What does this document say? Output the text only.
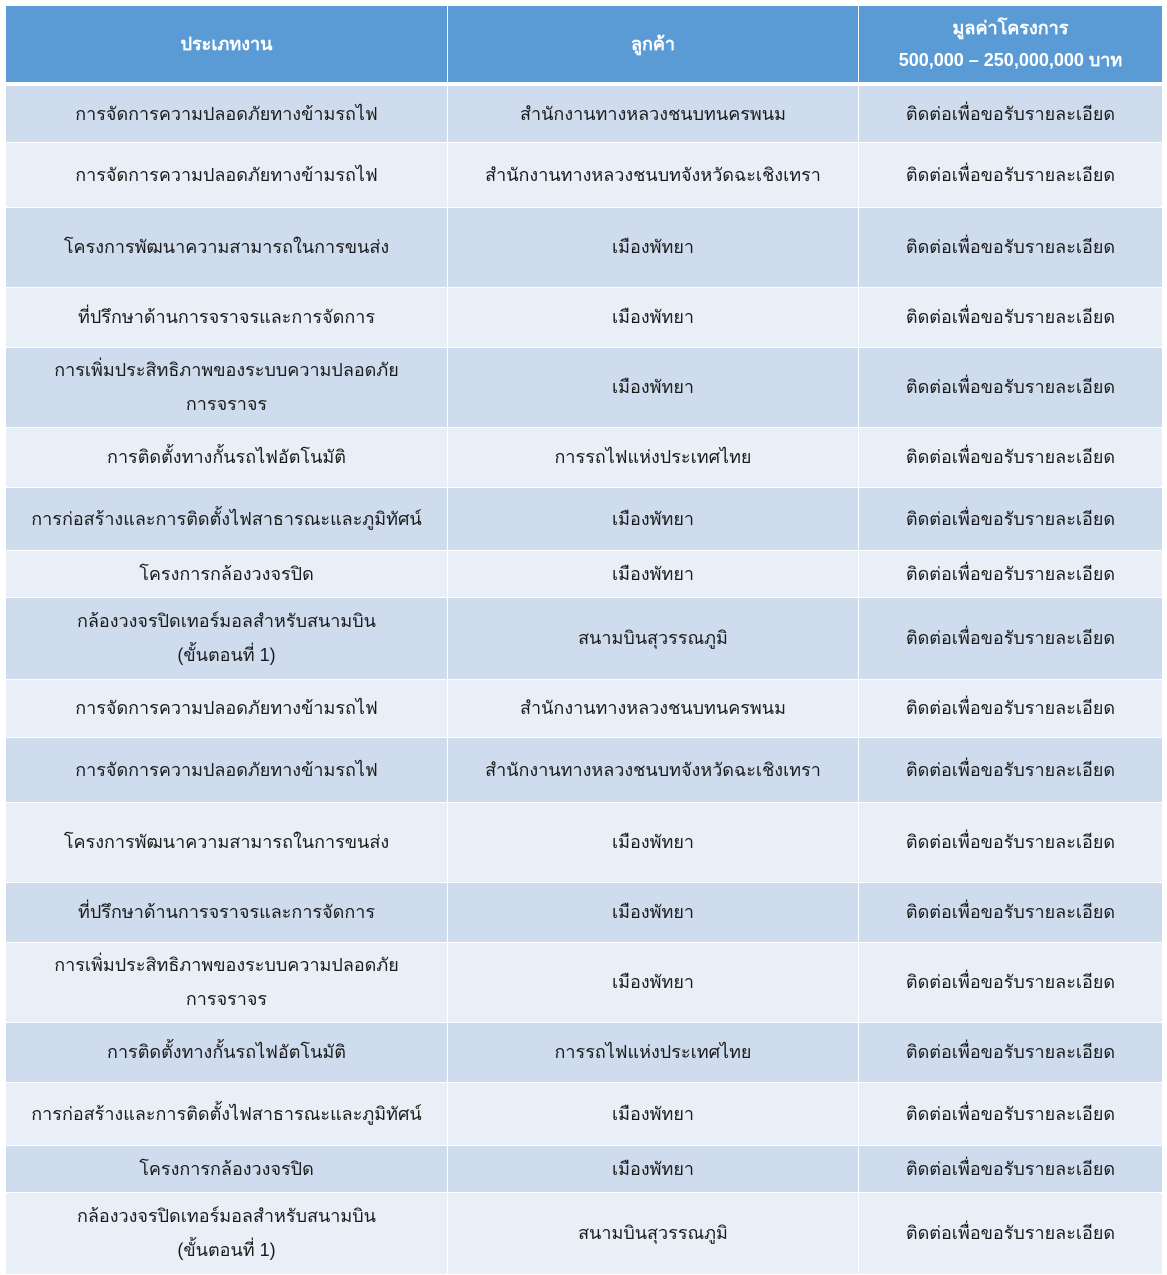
ประเภทงาน	ลูกค้า	มูลค่าโครงการ
500,000 – 250,000,000 บาท

การจัดการความปลอดภัยทางข้ามรถไฟ	สำนักงานทางหลวงชนบทนครพนม	ติดต่อเพื่อขอรับรายละเอียด

การจัดการความปลอดภัยทางข้ามรถไฟ	สำนักงานทางหลวงชนบทจังหวัดฉะเชิงเทรา	ติดต่อเพื่อขอรับรายละเอียด

โครงการพัฒนาความสามารถในการขนส่ง	เมืองพัทยา	ติดต่อเพื่อขอรับรายละเอียด

ที่ปรึกษาด้านการจราจรและการจัดการ	เมืองพัทยา	ติดต่อเพื่อขอรับรายละเอียด

การเพิ่มประสิทธิภาพของระบบความปลอดภัย
การจราจร	เมืองพัทยา	ติดต่อเพื่อขอรับรายละเอียด

การติดตั้งทางกั้นรถไฟอัตโนมัติ	การรถไฟแห่งประเทศไทย	ติดต่อเพื่อขอรับรายละเอียด

การก่อสร้างและการติดตั้งไฟสาธารณะและภูมิทัศน์	เมืองพัทยา	ติดต่อเพื่อขอรับรายละเอียด

โครงการกล้องวงจรปิด	เมืองพัทยา	ติดต่อเพื่อขอรับรายละเอียด

กล้องวงจรปิดเทอร์มอลสำหรับสนามบิน
(ขั้นตอนที่ 1)	สนามบินสุวรรณภูมิ	ติดต่อเพื่อขอรับรายละเอียด

การจัดการความปลอดภัยทางข้ามรถไฟ	สำนักงานทางหลวงชนบทนครพนม	ติดต่อเพื่อขอรับรายละเอียด

การจัดการความปลอดภัยทางข้ามรถไฟ	สำนักงานทางหลวงชนบทจังหวัดฉะเชิงเทรา	ติดต่อเพื่อขอรับรายละเอียด

โครงการพัฒนาความสามารถในการขนส่ง	เมืองพัทยา	ติดต่อเพื่อขอรับรายละเอียด

ที่ปรึกษาด้านการจราจรและการจัดการ	เมืองพัทยา	ติดต่อเพื่อขอรับรายละเอียด

การเพิ่มประสิทธิภาพของระบบความปลอดภัย
การจราจร	เมืองพัทยา	ติดต่อเพื่อขอรับรายละเอียด

การติดตั้งทางกั้นรถไฟอัตโนมัติ	การรถไฟแห่งประเทศไทย	ติดต่อเพื่อขอรับรายละเอียด

การก่อสร้างและการติดตั้งไฟสาธารณะและภูมิทัศน์	เมืองพัทยา	ติดต่อเพื่อขอรับรายละเอียด

โครงการกล้องวงจรปิด	เมืองพัทยา	ติดต่อเพื่อขอรับรายละเอียด

กล้องวงจรปิดเทอร์มอลสำหรับสนามบิน
(ขั้นตอนที่ 1)	สนามบินสุวรรณภูมิ	ติดต่อเพื่อขอรับรายละเอียด
